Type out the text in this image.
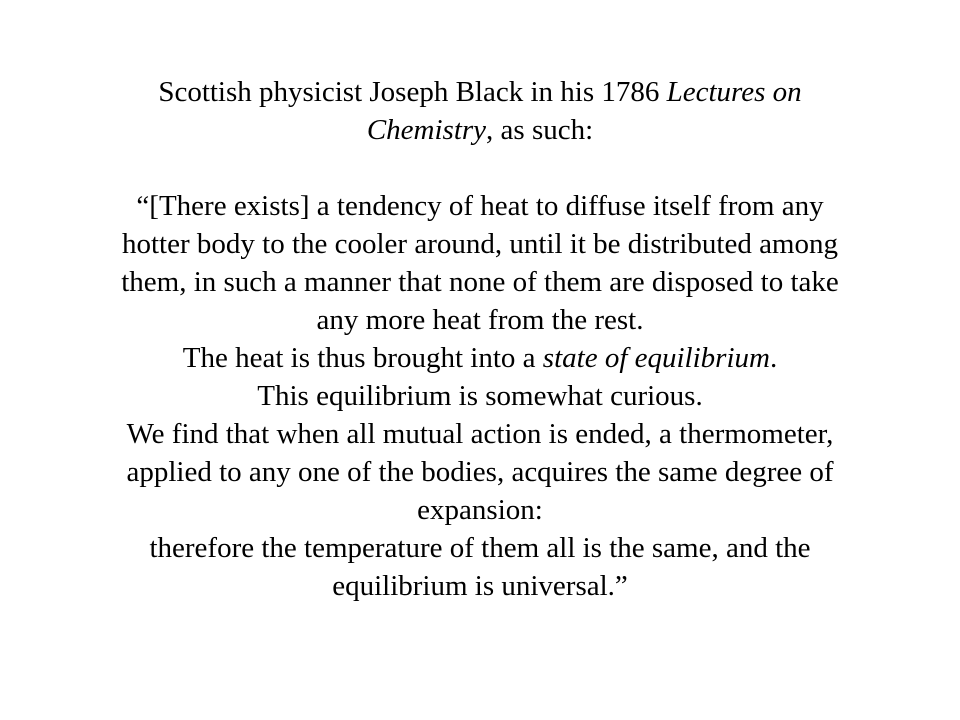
Scottish physicist Joseph Black in his 1786 Lectures on
Chemistry, as such:
“[There exists] a tendency of heat to diffuse itself from any
hotter body to the cooler around, until it be distributed among
them, in such a manner that none of them are disposed to take
any more heat from the rest.
The heat is thus brought into a state of equilibrium.
This equilibrium is somewhat curious.
We find that when all mutual action is ended, a thermometer,
applied to any one of the bodies, acquires the same degree of
expansion:
therefore the temperature of them all is the same, and the
equilibrium is universal.”
